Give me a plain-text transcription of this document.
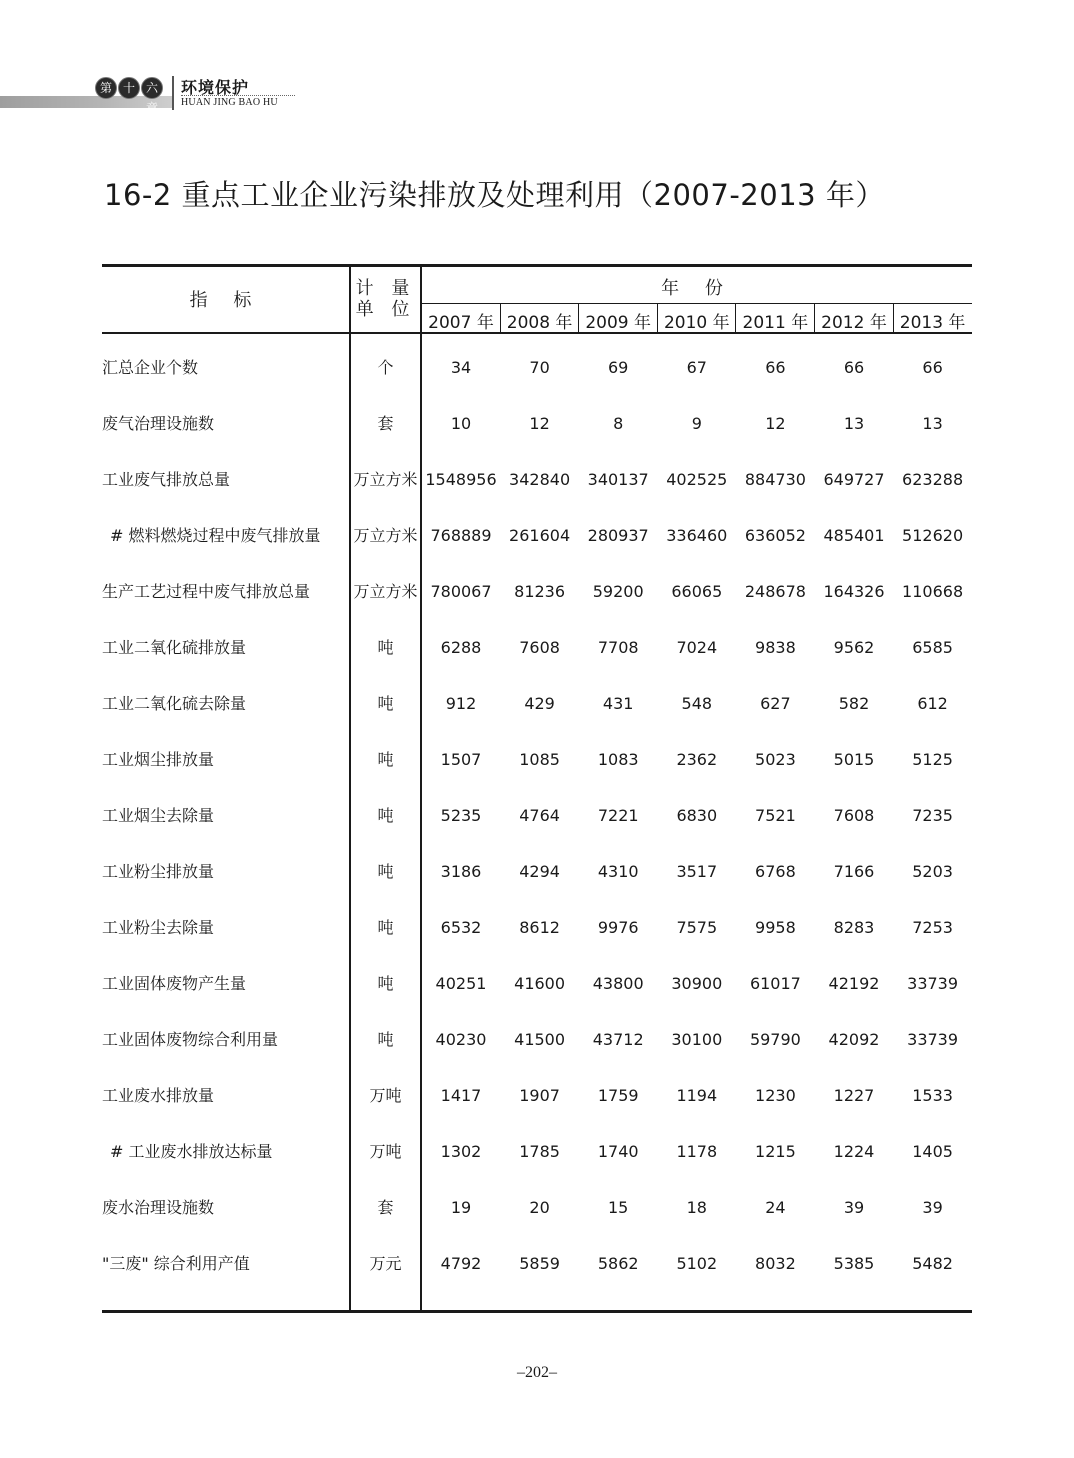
第 十 六章
环境保护
HUAN JING BAO HU
16-2 重点工业企业污染排放及处理利用（2007-2013 年）
指 标
计 量
单 位
年 份
2007 年 2008 年 2009 年 2010 年 2011 年 2012 年 2013 年
汇总企业个数	个	34	70	69	67	66	66	66
废气治理设施数	套	10	12	8	9	12	13	13
工业废气排放总量	万立方米 1548956 342840	340137	402525	884730	649727	623288
# 燃料燃烧过程中废气排放量 万立方米 768889	261604	280937	336460	636052	485401	512620
生产工艺过程中废气排放总量	万立方米 780067	81236	59200	66065	248678	164326	110668
工业二氧化硫排放量	吨	6288	7608	7708	7024	9838	9562	6585
工业二氧化硫去除量	吨	912	429	431	548	627	582	612
工业烟尘排放量	吨	1507	1085	1083	2362	5023	5015	5125
工业烟尘去除量	吨	5235	4764	7221	6830	7521	7608	7235
工业粉尘排放量	吨	3186	4294	4310	3517	6768	7166	5203
工业粉尘去除量	吨	6532	8612	9976	7575	9958	8283	7253
工业固体废物产生量	吨	40251	41600	43800	30900	61017	42192	33739
工业固体废物综合利用量	吨	40230	41500	43712	30100	59790	42092	33739
工业废水排放量	万吨	1417	1907	1759	1194	1230	1227	1533
# 工业废水排放达标量	万吨	1302	1785	1740	1178	1215	1224	1405
废水治理设施数	套	19	20	15	18	24	39	39
"三废" 综合利用产值	万元	4792	5859	5862	5102	8032	5385	5482
–202–
